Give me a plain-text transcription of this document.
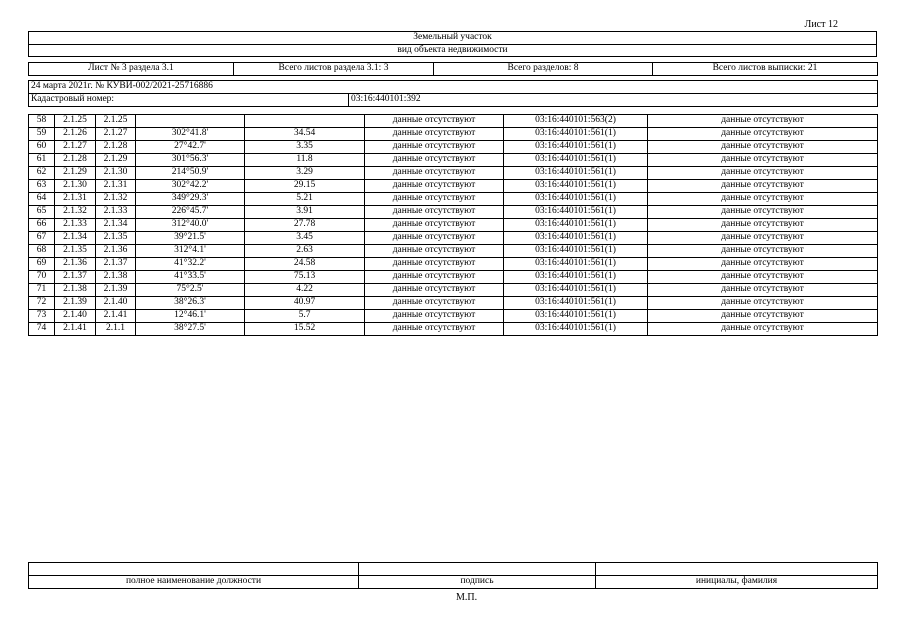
Лист 12
Земельный участок
вид объекта недвижимости
Лист № 3 раздела 3.1	Всего листов раздела 3.1: 3	Всего разделов: 8	Всего листов выписки: 21
24 марта 2021г. № КУВИ-002/2021-25716886
Кадастровый номер:	03:16:440101:392
58	2.1.25	2.1.25			данные отсутствуют	03:16:440101:563(2)	данные отсутствуют
59	2.1.26	2.1.27	302°41.8'	34.54	данные отсутствуют	03:16:440101:561(1)	данные отсутствуют
60	2.1.27	2.1.28	27°42.7'	3.35	данные отсутствуют	03:16:440101:561(1)	данные отсутствуют
61	2.1.28	2.1.29	301°56.3'	11.8	данные отсутствуют	03:16:440101:561(1)	данные отсутствуют
62	2.1.29	2.1.30	214°50.9'	3.29	данные отсутствуют	03:16:440101:561(1)	данные отсутствуют
63	2.1.30	2.1.31	302°42.2'	29.15	данные отсутствуют	03:16:440101:561(1)	данные отсутствуют
64	2.1.31	2.1.32	349°29.3'	5.21	данные отсутствуют	03:16:440101:561(1)	данные отсутствуют
65	2.1.32	2.1.33	226°45.7'	3.91	данные отсутствуют	03:16:440101:561(1)	данные отсутствуют
66	2.1.33	2.1.34	312°40.0'	27.78	данные отсутствуют	03:16:440101:561(1)	данные отсутствуют
67	2.1.34	2.1.35	39°21.5'	3.45	данные отсутствуют	03:16:440101:561(1)	данные отсутствуют
68	2.1.35	2.1.36	312°4.1'	2.63	данные отсутствуют	03:16:440101:561(1)	данные отсутствуют
69	2.1.36	2.1.37	41°32.2'	24.58	данные отсутствуют	03:16:440101:561(1)	данные отсутствуют
70	2.1.37	2.1.38	41°33.5'	75.13	данные отсутствуют	03:16:440101:561(1)	данные отсутствуют
71	2.1.38	2.1.39	75°2.5'	4.22	данные отсутствуют	03:16:440101:561(1)	данные отсутствуют
72	2.1.39	2.1.40	38°26.3'	40.97	данные отсутствуют	03:16:440101:561(1)	данные отсутствуют
73	2.1.40	2.1.41	12°46.1'	5.7	данные отсутствуют	03:16:440101:561(1)	данные отсутствуют
74	2.1.41	2.1.1	38°27.5'	15.52	данные отсутствуют	03:16:440101:561(1)	данные отсутствуют

полное наименование должности	подпись	инициалы, фамилия
М.П.
